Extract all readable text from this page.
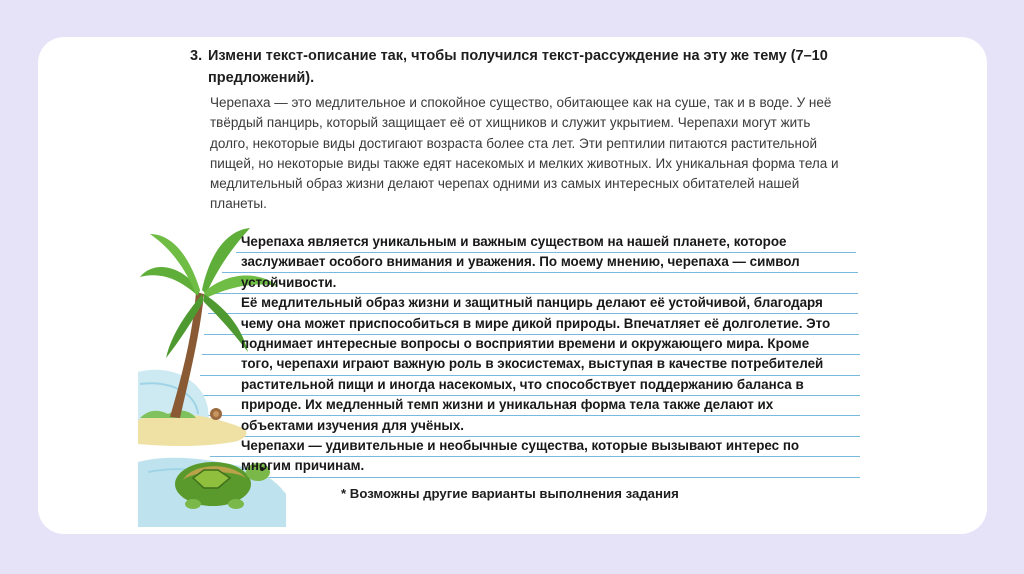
3. Измени текст-описание так, чтобы получился текст-рассуждение на эту же тему (7–10 предложений).

Черепаха — это медлительное и спокойное существо, обитающее как на суше, так и в воде. У неё твёрдый панцирь, который защищает её от хищников и служит укрытием. Черепахи могут жить долго, некоторые виды достигают возраста более ста лет. Эти рептилии питаются растительной пищей, но некоторые виды также едят насекомых и мелких животных. Их уникальная форма тела и медлительный образ жизни делают черепах одними из самых интересных обитателей нашей планеты.

Черепаха является уникальным и важным существом на нашей планете, которое заслуживает особого внимания и уважения. По моему мнению, черепаха — символ устойчивости.

Её медлительный образ жизни и защитный панцирь делают её устойчивой, благодаря чему она может приспособиться в мире дикой природы. Впечатляет её долголетие. Это поднимает интересные вопросы о восприятии времени и окружающего мира. Кроме того, черепахи играют важную роль в экосистемах, выступая в качестве потребителей растительной пищи и иногда насекомых, что способствует поддержанию баланса в природе. Их медленный темп жизни и уникальная форма тела также делают их объектами изучения для учёных.

Черепахи — удивительные и необычные существа, которые вызывают интерес по многим причинам.

* Возможны другие варианты выполнения задания
